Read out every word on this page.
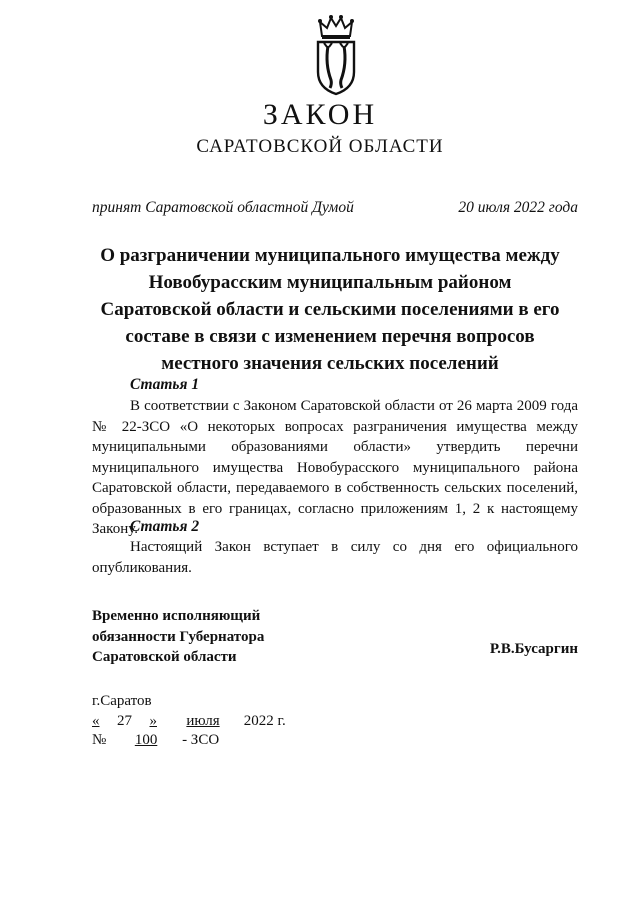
ЗАКОН
САРАТОВСКОЙ ОБЛАСТИ
принят Саратовской областной Думой	20 июля 2022 года
О разграничении муниципального имущества между
Новобурасским муниципальным районом
Саратовской области и сельскими поселениями в его
составе в связи с изменением перечня вопросов
местного значения сельских поселений
Статья 1
В соответствии с Законом Саратовской области от 26 марта 2009 года № 22-ЗСО «О некоторых вопросах разграничения имущества между муниципальными образованиями области» утвердить перечни муниципального имущества Новобурасского муниципального района Саратовской области, передаваемого в собственность сельских поселений, образованных в его границах, согласно приложениям 1, 2 к настоящему Закону.
Статья 2
Настоящий Закон вступает в силу со дня его официального опубликования.
Временно исполняющий
обязанности Губернатора
Саратовской области	Р.В.Бусаргин
г.Саратов
« 27 » июля 2022 г.
№ 100 - ЗСО
